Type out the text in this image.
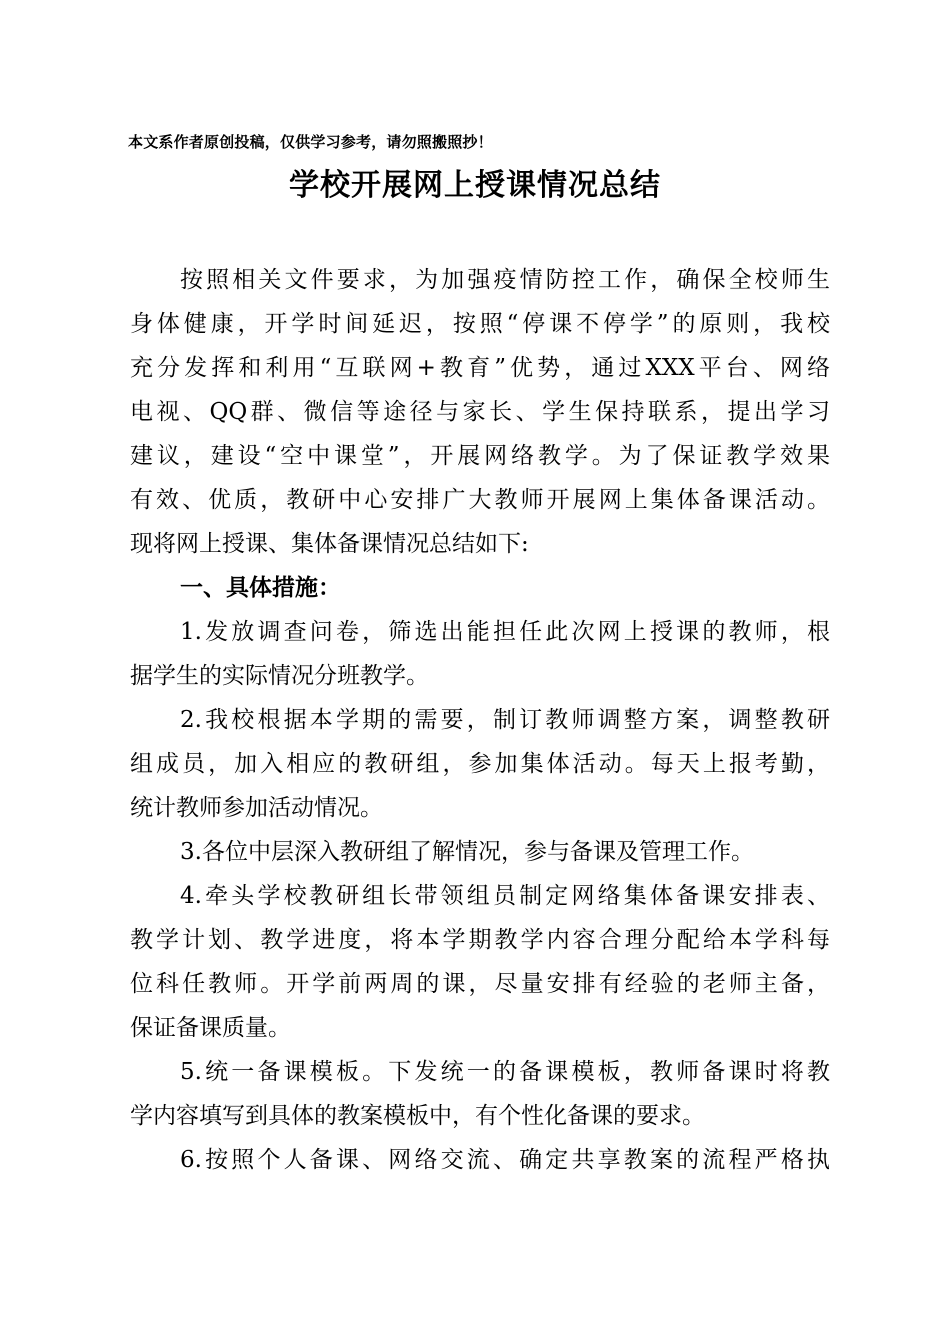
本文系作者原创投稿，仅供学习参考，请勿照搬照抄！
学校开展网上授课情况总结
按照相关文件要求，为加强疫情防控工作，确保全校师生
身体健康，开学时间延迟，按照“停课不停学”的原则，我校
充分发挥和利用“互联网+教育”优势，通过XXX平台、网络
电视、QQ群、微信等途径与家长、学生保持联系，提出学习
建议，建设“空中课堂”，开展网络教学。为了保证教学效果
有效、优质，教研中心安排广大教师开展网上集体备课活动。
现将网上授课、集体备课情况总结如下:
一、具体措施：
1.发放调查问卷，筛选出能担任此次网上授课的教师，根
据学生的实际情况分班教学。
2.我校根据本学期的需要，制订教师调整方案，调整教研
组成员，加入相应的教研组，参加集体活动。每天上报考勤，
统计教师参加活动情况。
3.各位中层深入教研组了解情况，参与备课及管理工作。
4.牵头学校教研组长带领组员制定网络集体备课安排表、
教学计划、教学进度，将本学期教学内容合理分配给本学科每
位科任教师。开学前两周的课，尽量安排有经验的老师主备，
保证备课质量。
5.统一备课模板。下发统一的备课模板，教师备课时将教
学内容填写到具体的教案模板中，有个性化备课的要求。
6.按照个人备课、网络交流、确定共享教案的流程严格执
